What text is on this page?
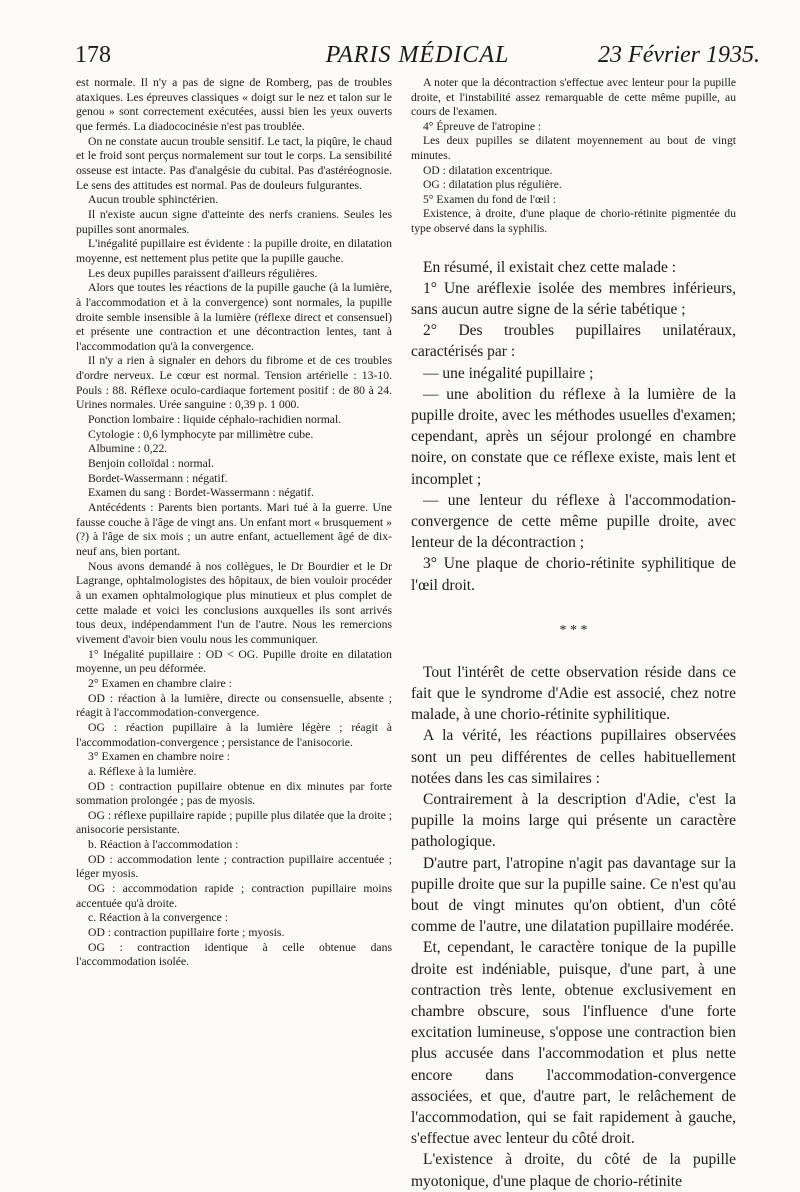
178	PARIS MÉDICAL	23 Février 1935.

est normale. Il n'y a pas de signe de Romberg, pas de troubles ataxiques. Les épreuves classiques « doigt sur le nez et talon sur le genou » sont correctement exécutées, aussi bien les yeux ouverts que fermés. La diadococinésie n'est pas troublée.

On ne constate aucun trouble sensitif. Le tact, la piqûre, le chaud et le froid sont perçus normalement sur tout le corps. La sensibilité osseuse est intacte. Pas d'analgésie du cubital. Pas d'astéréognosie. Le sens des attitudes est normal. Pas de douleurs fulgurantes.

Aucun trouble sphinctérien.

Il n'existe aucun signe d'atteinte des nerfs craniens. Seules les pupilles sont anormales.

L'inégalité pupillaire est évidente : la pupille droite, en dilatation moyenne, est nettement plus petite que la pupille gauche.

Les deux pupilles paraissent d'ailleurs régulières.

Alors que toutes les réactions de la pupille gauche (à la lumière, à l'accommodation et à la convergence) sont normales, la pupille droite semble insensible à la lumière (réflexe direct et consensuel) et présente une contraction et une décontraction lentes, tant à l'accommodation qu'à la convergence.

Il n'y a rien à signaler en dehors du fibrome et de ces troubles d'ordre nerveux. Le cœur est normal. Tension artérielle : 13-10. Pouls : 88. Réflexe oculo-cardiaque fortement positif : de 80 à 24. Urines normales. Urée sanguine : 0,39 p. 1 000.

Ponction lombaire : liquide céphalo-rachidien normal.

Cytologie : 0,6 lymphocyte par millimètre cube.

Albumine : 0,22.

Benjoin colloïdal : normal.

Bordet-Wassermann : négatif.

Examen du sang : Bordet-Wassermann : négatif.

Antécédents : Parents bien portants. Mari tué à la guerre. Une fausse couche à l'âge de vingt ans. Un enfant mort « brusquement » (?) à l'âge de six mois ; un autre enfant, actuellement âgé de dix-neuf ans, bien portant.

Nous avons demandé à nos collègues, le Dr Bourdier et le Dr Lagrange, ophtalmologistes des hôpitaux, de bien vouloir procéder à un examen ophtalmologique plus minutieux et plus complet de cette malade et voici les conclusions auxquelles ils sont arrivés tous deux, indépendamment l'un de l'autre. Nous les remercions vivement d'avoir bien voulu nous les communiquer.

1° Inégalité pupillaire : OD < OG. Pupille droite en dilatation moyenne, un peu déformée.

2° Examen en chambre claire :

OD : réaction à la lumière, directe ou consensuelle, absente ; réagit à l'accommodation-convergence.

OG : réaction pupillaire à la lumière légère ; réagit à l'accommodation-convergence ; persistance de l'anisocorie.

3° Examen en chambre noire :

a. Réflexe à la lumière.

OD : contraction pupillaire obtenue en dix minutes par forte sommation prolongée ; pas de myosis.

OG : réflexe pupillaire rapide ; pupille plus dilatée que la droite ; anisocorie persistante.

b. Réaction à l'accommodation :

OD : accommodation lente ; contraction pupillaire accentuée ; léger myosis.

OG : accommodation rapide ; contraction pupillaire moins accentuée qu'à droite.

c. Réaction à la convergence :

OD : contraction pupillaire forte ; myosis.

OG : contraction identique à celle obtenue dans l'accommodation isolée.

A noter que la décontraction s'effectue avec lenteur pour la pupille droite, et l'instabilité assez remarquable de cette même pupille, au cours de l'examen.

4° Épreuve de l'atropine :

Les deux pupilles se dilatent moyennement au bout de vingt minutes.

OD : dilatation excentrique.

OG : dilatation plus régulière.

5° Examen du fond de l'œil :

Existence, à droite, d'une plaque de chorio-rétinite pigmentée du type observé dans la syphilis.

En résumé, il existait chez cette malade :

1° Une aréflexie isolée des membres inférieurs, sans aucun autre signe de la série tabétique ;

2° Des troubles pupillaires unilatéraux, caractérisés par :

— une inégalité pupillaire ;

— une abolition du réflexe à la lumière de la pupille droite, avec les méthodes usuelles d'examen; cependant, après un séjour prolongé en chambre noire, on constate que ce réflexe existe, mais lent et incomplet ;

— une lenteur du réflexe à l'accommodation-convergence de cette même pupille droite, avec lenteur de la décontraction ;

3° Une plaque de chorio-rétinite syphilitique de l'œil droit.

* * *

Tout l'intérêt de cette observation réside dans ce fait que le syndrome d'Adie est associé, chez notre malade, à une chorio-rétinite syphilitique.

A la vérité, les réactions pupillaires observées sont un peu différentes de celles habituellement notées dans les cas similaires :

Contrairement à la description d'Adie, c'est la pupille la moins large qui présente un caractère pathologique.

D'autre part, l'atropine n'agit pas davantage sur la pupille droite que sur la pupille saine. Ce n'est qu'au bout de vingt minutes qu'on obtient, d'un côté comme de l'autre, une dilatation pupillaire modérée.

Et, cependant, le caractère tonique de la pupille droite est indéniable, puisque, d'une part, à une contraction très lente, obtenue exclusivement en chambre obscure, sous l'influence d'une forte excitation lumineuse, s'oppose une contraction bien plus accusée dans l'accommodation et plus nette encore dans l'accommodation-convergence associées, et que, d'autre part, le relâchement de l'accommodation, qui se fait rapidement à gauche, s'effectue avec lenteur du côté droit.

L'existence à droite, du côté de la pupille myotonique, d'une plaque de chorio-rétinite
